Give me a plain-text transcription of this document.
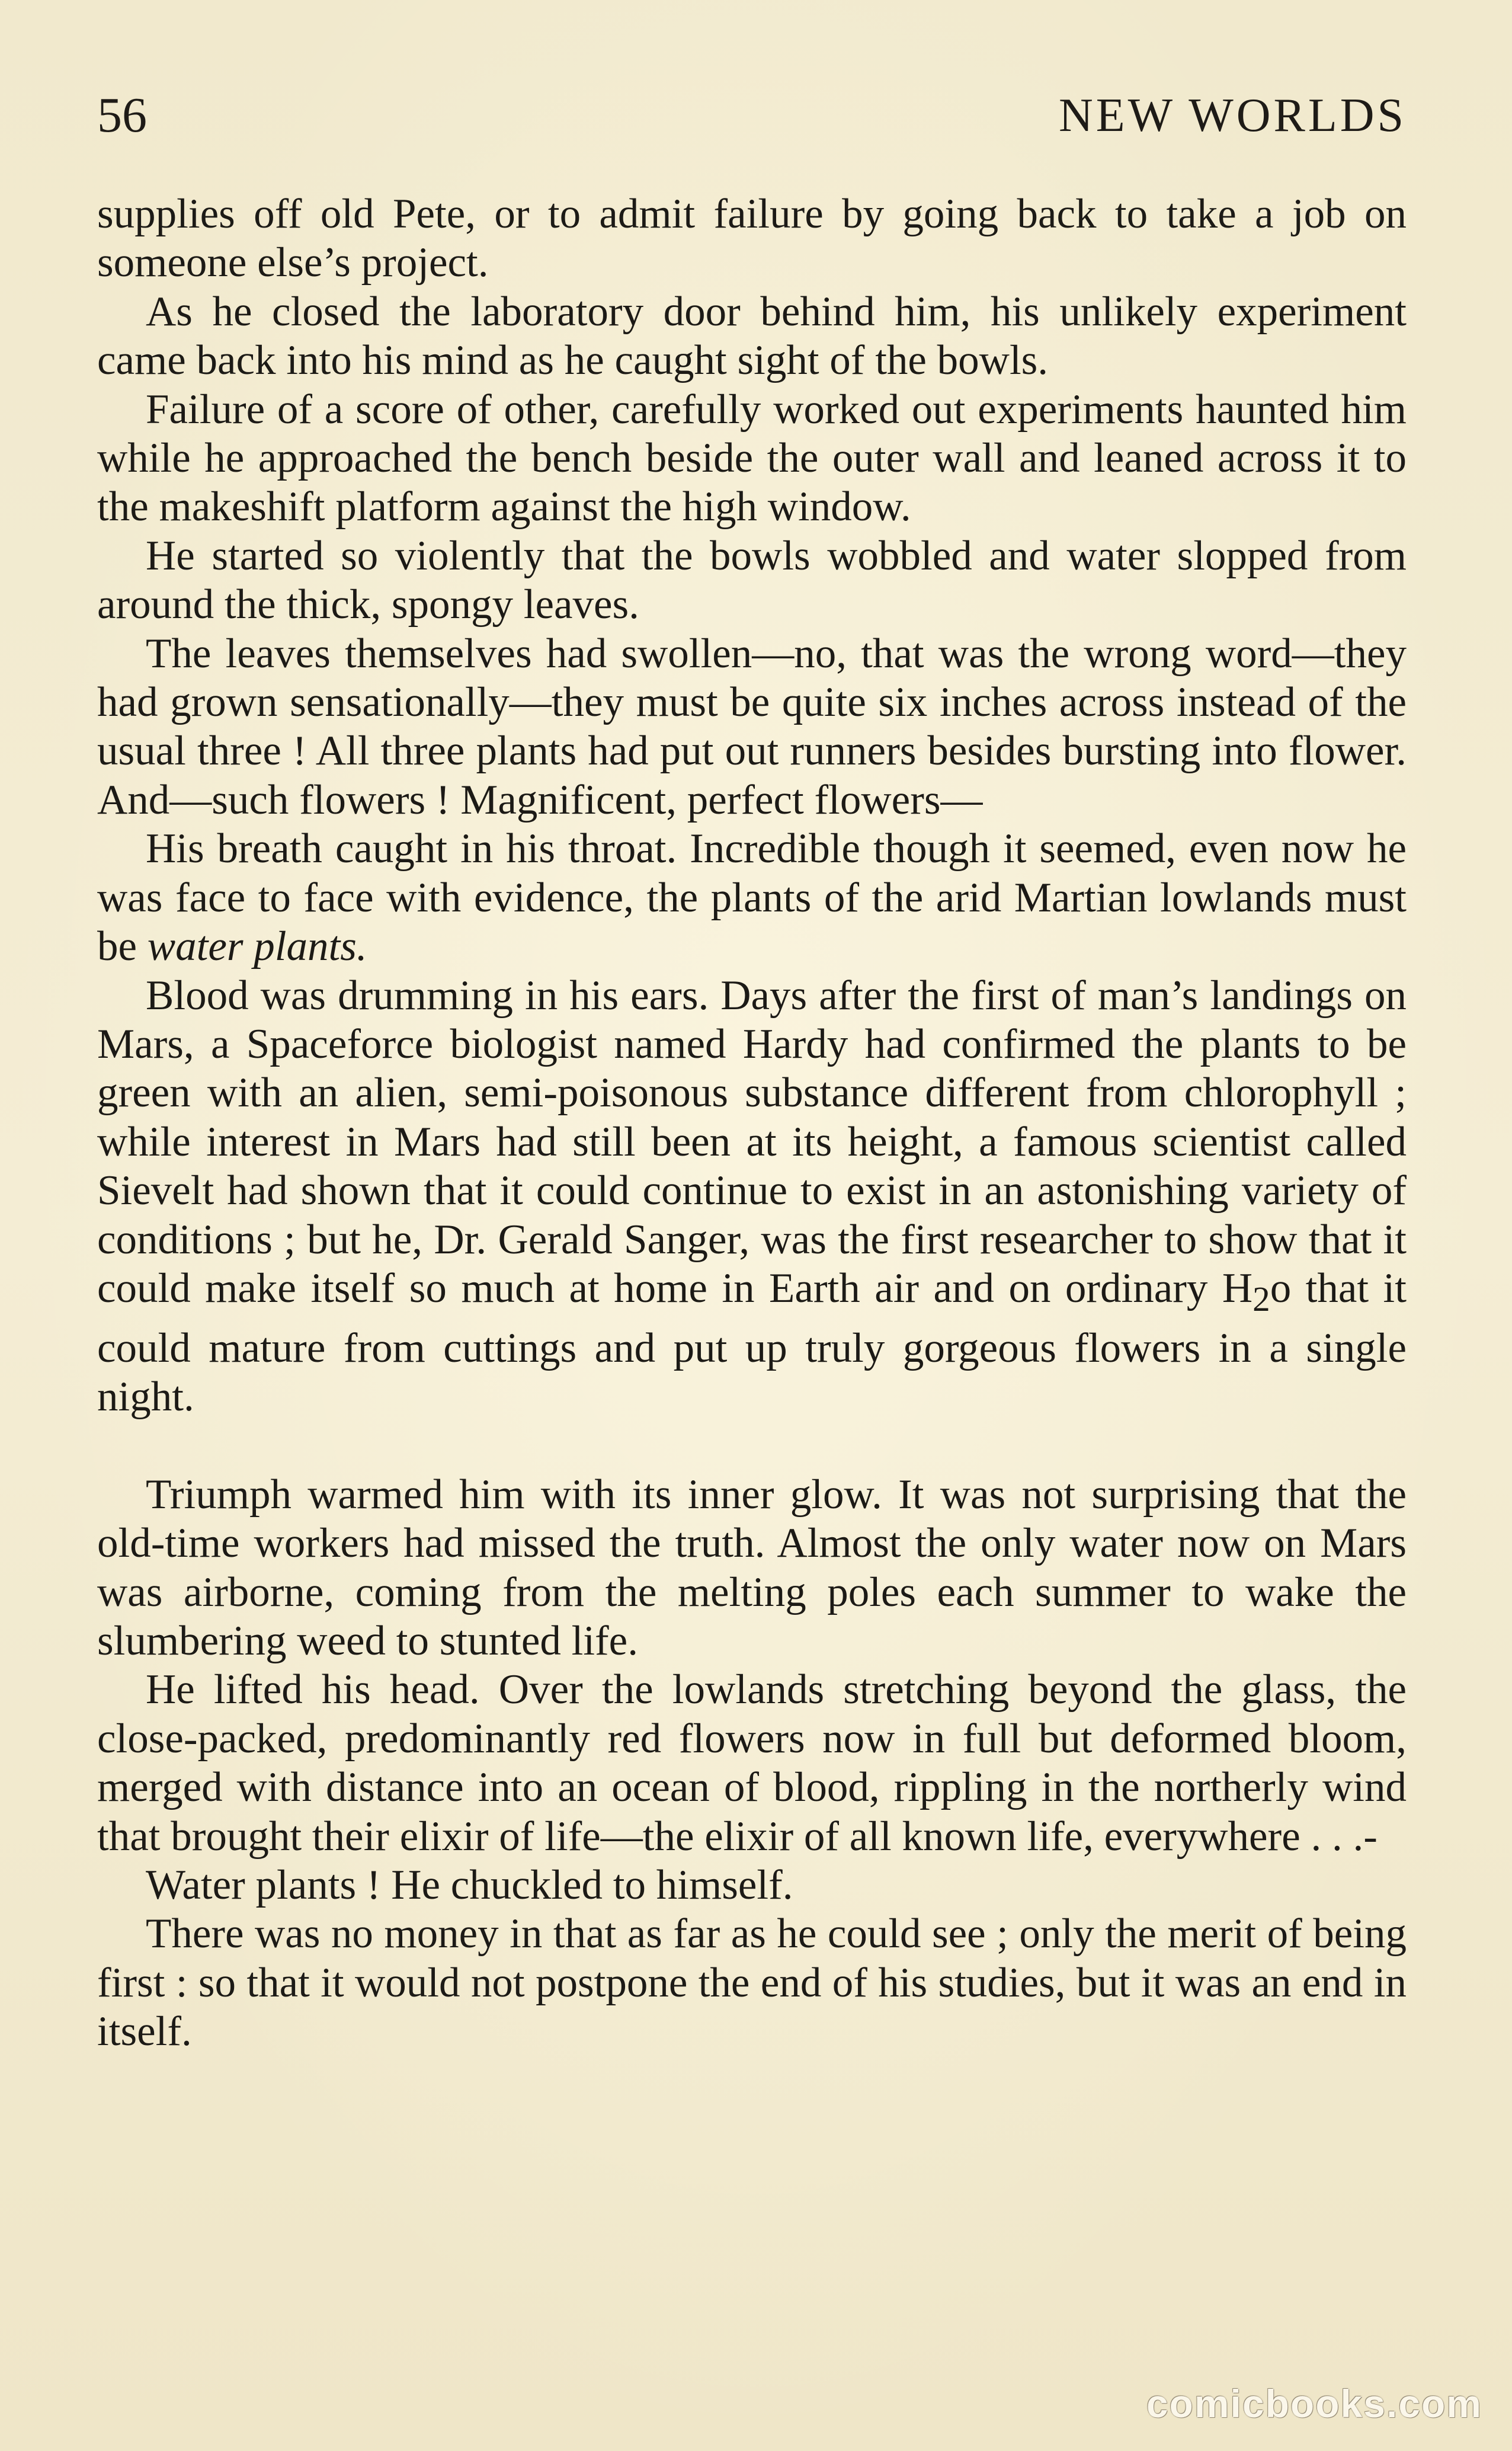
56	NEW WORLDS

supplies off old Pete, or to admit failure by going back to take a job on someone else’s project.

As he closed the laboratory door behind him, his unlikely experiment came back into his mind as he caught sight of the bowls.

Failure of a score of other, carefully worked out experiments haunted him while he approached the bench beside the outer wall and leaned across it to the makeshift platform against the high window.

He started so violently that the bowls wobbled and water slopped from around the thick, spongy leaves.

The leaves themselves had swollen—no, that was the wrong word—they had grown sensationally—they must be quite six inches across instead of the usual three ! All three plants had put out runners besides bursting into flower. And—such flowers ! Magnificent, perfect flowers—

His breath caught in his throat. Incredible though it seemed, even now he was face to face with evidence, the plants of the arid Martian lowlands must be water plants.

Blood was drumming in his ears. Days after the first of man’s landings on Mars, a Spaceforce biologist named Hardy had confirmed the plants to be green with an alien, semi-poisonous substance different from chlorophyll ; while interest in Mars had still been at its height, a famous scientist called Sievelt had shown that it could continue to exist in an astonishing variety of conditions ; but he, Dr. Gerald Sanger, was the first researcher to show that it could make itself so much at home in Earth air and on ordinary $H_2o$ that it could mature from cuttings and put up truly gorgeous flowers in a single night.

Triumph warmed him with its inner glow. It was not surprising that the old-time workers had missed the truth. Almost the only water now on Mars was airborne, coming from the melting poles each summer to wake the slumbering weed to stunted life.

He lifted his head. Over the lowlands stretching beyond the glass, the close-packed, predominantly red flowers now in full but deformed bloom, merged with distance into an ocean of blood, rippling in the northerly wind that brought their elixir of life—the elixir of all known life, everywhere . . .-

Water plants ! He chuckled to himself.

There was no money in that as far as he could see ; only the merit of being first : so that it would not postpone the end of his studies, but it was an end in itself.

comicbooks.com
